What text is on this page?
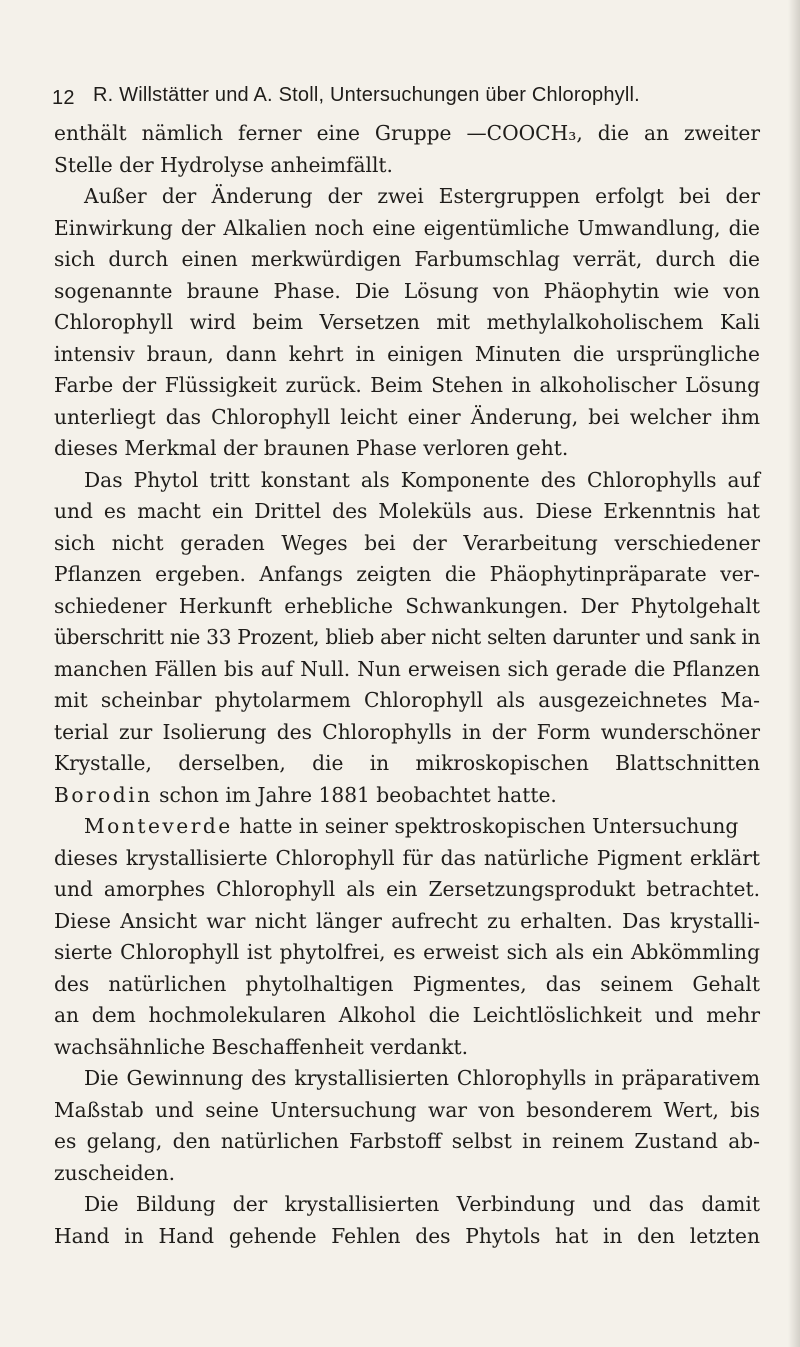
12 R. Willstätter und A. Stoll, Untersuchungen über Chlorophyll.
enthält nämlich ferner eine Gruppe —COOCH₃, die an zweiter
Stelle der Hydrolyse anheimfällt.
Außer der Änderung der zwei Estergruppen erfolgt bei der
Einwirkung der Alkalien noch eine eigentümliche Umwandlung, die
sich durch einen merkwürdigen Farbumschlag verrät, durch die
sogenannte braune Phase. Die Lösung von Phäophytin wie von
Chlorophyll wird beim Versetzen mit methylalkoholischem Kali
intensiv braun, dann kehrt in einigen Minuten die ursprüngliche
Farbe der Flüssigkeit zurück. Beim Stehen in alkoholischer Lösung
unterliegt das Chlorophyll leicht einer Änderung, bei welcher ihm
dieses Merkmal der braunen Phase verloren geht.
Das Phytol tritt konstant als Komponente des Chlorophylls auf
und es macht ein Drittel des Moleküls aus. Diese Erkenntnis hat
sich nicht geraden Weges bei der Verarbeitung verschiedener
Pflanzen ergeben. Anfangs zeigten die Phäophytinpräparate ver-
schiedener Herkunft erhebliche Schwankungen. Der Phytolgehalt
überschritt nie 33 Prozent, blieb aber nicht selten darunter und sank in
manchen Fällen bis auf Null. Nun erweisen sich gerade die Pflanzen
mit scheinbar phytolarmem Chlorophyll als ausgezeichnetes Ma-
terial zur Isolierung des Chlorophylls in der Form wunderschöner
Krystalle, derselben, die in mikroskopischen Blattschnitten
Borodin schon im Jahre 1881 beobachtet hatte.
Monteverde hatte in seiner spektroskopischen Untersuchung
dieses krystallisierte Chlorophyll für das natürliche Pigment erklärt
und amorphes Chlorophyll als ein Zersetzungsprodukt betrachtet.
Diese Ansicht war nicht länger aufrecht zu erhalten. Das krystalli-
sierte Chlorophyll ist phytolfrei, es erweist sich als ein Abkömmling
des natürlichen phytolhaltigen Pigmentes, das seinem Gehalt
an dem hochmolekularen Alkohol die Leichtlöslichkeit und mehr
wachsähnliche Beschaffenheit verdankt.
Die Gewinnung des krystallisierten Chlorophylls in präparativem
Maßstab und seine Untersuchung war von besonderem Wert, bis
es gelang, den natürlichen Farbstoff selbst in reinem Zustand ab-
zuscheiden.
Die Bildung der krystallisierten Verbindung und das damit
Hand in Hand gehende Fehlen des Phytols hat in den letzten
